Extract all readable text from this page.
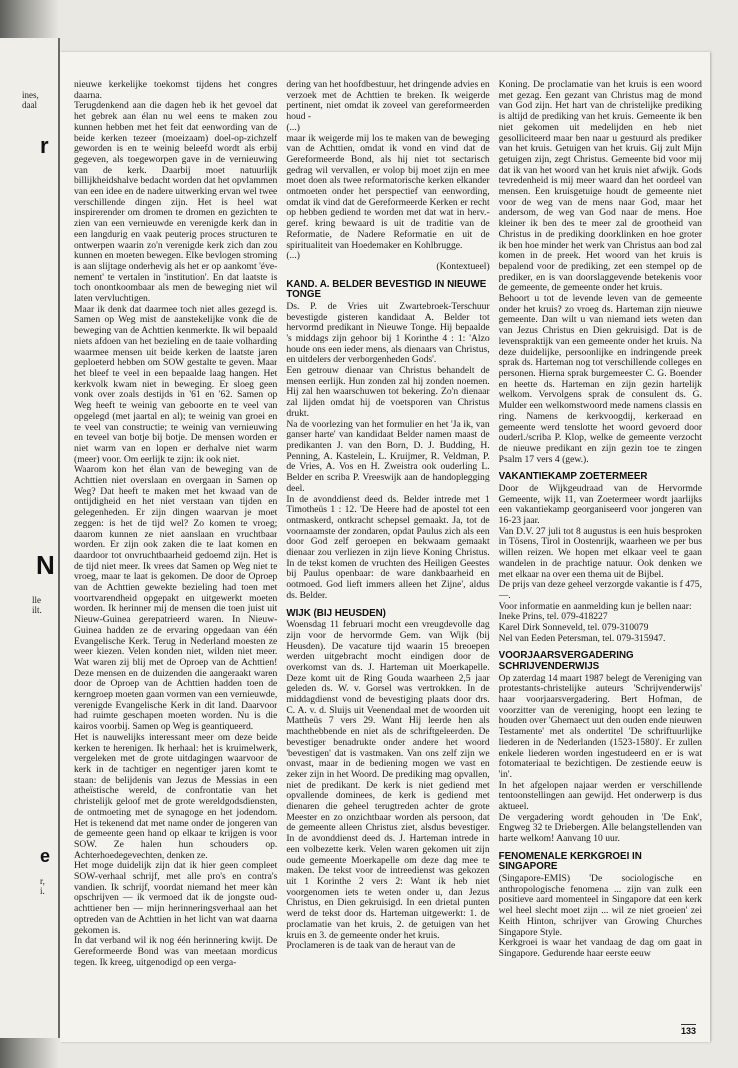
ines,
daal
r
N
lle
ilt.
e
r,
i.

nieuwe kerkelijke toekomst tijdens het congres daarna.

Terugdenkend aan die dagen heb ik het gevoel dat het gebrek aan élan nu wel eens te maken zou kunnen hebben met het feit dat eenwording van de beide kerken tezeer (moeizaam) doel-op-zichzelf geworden is en te weinig beleefd wordt als erbij gegeven, als toegeworpen gave in de vernieuwing van de kerk. Daarbij moet natuurlijk billijkheidshalve bedacht worden dat het opvlammen van een idee en de nadere uitwerking ervan wel twee verschillende dingen zijn. Het is heel wat inspirerender om dromen te dromen en gezichten te zien van een vernieuwde en verenigde kerk dan in een langdurig en vaak peuterig proces structuren te ontwerpen waarin zo'n verenigde kerk zich dan zou kunnen en moeten bewegen. Elke bevlogen stroming is aan slijtage onderhevig als het er op aankomt 'éve-nement' te vertalen in 'institution'. En dat laatste is toch onontkoombaar als men de beweging niet wil laten vervluchtigen.

Maar ik denk dat daarmee toch niet alles gezegd is. Samen op Weg mist de aanstekelijke vonk die de beweging van de Achttien kenmerkte. Ik wil bepaald niets afdoen van het bezieling en de taaie volharding waarmee mensen uit beide kerken de laatste jaren geploeterd hebben om SOW gestalte te geven. Maar het bleef te veel in een bepaalde laag hangen. Het kerkvolk kwam niet in beweging. Er sloeg geen vonk over zoals destijds in '61 en '62. Samen op Weg heeft te weinig van geboorte en te veel van opgelegd (met jaartal en al); te weinig van groei en te veel van constructie; te weinig van vernieuwing en teveel van botje bij botje. De mensen worden er niet warm van en lopen er derhalve niet warm (meer) voor. Om eerlijk te zijn: ik ook niet.

Waarom kon het élan van de beweging van de Achttien niet overslaan en overgaan in Samen op Weg? Dat heeft te maken met het kwaad van de ontijdigheid en het niet verstaan van tijden en gelegenheden. Er zijn dingen waarvan je moet zeggen: is het de tijd wel? Zo komen te vroeg; daarom kunnen ze niet aanslaan en vruchtbaar worden. Er zijn ook zaken die te laat komen en daardoor tot onvruchtbaarheid gedoemd zijn. Het is de tijd niet meer. Ik vrees dat Samen op Weg niet te vroeg, maar te laat is gekomen. De door de Oproep van de Achttien gewekte bezieling had toen met voortvarendheid opgepakt en uitgewerkt moeten worden. Ik herinner mij de mensen die toen juist uit Nieuw-Guinea gerepatrieerd waren. In Nieuw-Guinea hadden ze de ervaring opgedaan van één Evangelische Kerk. Terug in Nederland moesten ze weer kiezen. Velen konden niet, wilden niet meer. Wat waren zij blij met de Oproep van de Achttien! Deze mensen en de duizenden die aangeraakt waren door de Oproep van de Achttien hadden toen de kerngroep moeten gaan vormen van een vernieuwde, verenigde Evangelische Kerk in dit land. Daarvoor had ruimte geschapen moeten worden. Nu is die kairos voorbij. Samen op Weg is geantiqueerd.

Het is nauwelijks interessant meer om deze beide kerken te herenigen. Ik herhaal: het is kruimelwerk, vergeleken met de grote uitdagingen waarvoor de kerk in de tachtiger en negentiger jaren komt te staan: de belijdenis van Jezus de Messias in een atheïstische wereld, de confrontatie van het christelijk geloof met de grote wereldgodsdiensten, de ontmoeting met de synagoge en het jodendom. Het is tekenend dat met name onder de jongeren van de gemeente geen hand op elkaar te krijgen is voor SOW. Ze halen hun schouders op. Achterhoedegevechten, denken ze.

Het moge duidelijk zijn dat ik hier geen compleet SOW-verhaal schrijf, met alle pro's en contra's vandien. Ik schrijf, voordat niemand het meer kàn opschrijven — ik vermoed dat ik de jongste oud-achttiener ben — mijn herinneringsverhaal aan het optreden van de Achttien in het licht van wat daarna gekomen is.

In dat verband wil ik nog één herinnering kwijt. De Gereformeerde Bond was van meetaan mordicus tegen. Ik kreeg, uitgenodigd op een verga-

dering van het hoofdbestuur, het dringende advies en verzoek met de Achttien te breken. Ik weigerde pertinent, niet omdat ik zoveel van gereformeerden houd -

(...)

maar ik weigerde mij los te maken van de beweging van de Achttien, omdat ik vond en vind dat de Gereformeerde Bond, als hij niet tot sectarisch gedrag wil vervallen, er volop bij moet zijn en mee moet doen als twee reformatorische kerken elkander ontmoeten onder het perspectief van eenwording, omdat ik vind dat de Gereformeerde Kerken er recht op hebben gediend te worden met dat wat in herv.-geref. kring bewaard is uit de traditie van de Reformatie, de Nadere Reformatie en uit de spiritualiteit van Hoedemaker en Kohlbrugge.

(...)

(Kontextueel)

KAND. A. BELDER BEVESTIGD IN NIEUWE TONGE

Ds. P. de Vries uit Zwartebroek-Terschuur bevestigde gisteren kandidaat A. Belder tot hervormd predikant in Nieuwe Tonge. Hij bepaalde 's middags zijn gehoor bij 1 Korinthe 4 : 1: 'Alzo houde ons een ieder mens, als dienaars van Christus, en uitdelers der verborgenheden Gods'.

Een getrouw dienaar van Christus behandelt de mensen eerlijk. Hun zonden zal hij zonden noemen. Hij zal hen waarschuwen tot bekering. Zo'n dienaar zal lijden omdat hij de voetsporen van Christus drukt.

Na de voorlezing van het formulier en het 'Ja ik, van ganser harte' van kandidaat Belder namen maast de predikanten J. van den Born, D. J. Budding, H. Penning, A. Kastelein, L. Kruijmer, R. Veldman, P. de Vries, A. Vos en H. Zweistra ook ouderling L. Belder en scriba P. Vreeswijk aan de handoplegging deel.

In de avonddienst deed ds. Belder intrede met 1 Timotheüs 1 : 12. 'De Heere had de apostel tot een ontmaskerd, ontkracht schepsel gemaakt. Ja, tot de voornaamste der zondaren, opdat Paulus zich als een door God zelf geroepen en bekwaam gemaakt dienaar zou verliezen in zijn lieve Koning Christus. In de tekst komen de vruchten des Heiligen Geestes bij Paulus openbaar: de ware dankbaarheid en ootmoed. God lieft immers alleen het Zijne', aldus ds. Belder.

WIJK (BIJ HEUSDEN)

Woensdag 11 februari mocht een vreugdevolle dag zijn voor de hervormde Gem. van Wijk (bij Heusden). De vacature tijd waarin 15 breoepen werden uitgebracht mocht eindigen door de overkomst van ds. J. Harteman uit Moerkapelle. Deze komt uit de Ring Gouda waarheen 2,5 jaar geleden ds. W. v. Gorsel was vertrokken. In de middagdienst vond de bevestiging plaats door drs. C. A. v. d. Sluijs uit Veenendaal met de woorden uit Mattheüs 7 vers 29. Want Hij leerde hen als machthebbende en niet als de schriftgeleerden. De bevestiger benadrukte onder andere het woord 'bevestigen' dat is vastmaken. Van ons zelf zijn we onvast, maar in de bediening mogen we vast en zeker zijn in het Woord. De prediking mag opvallen, niet de predikant. De kerk is niet gediend met opvallende dominees, de kerk is gediend met dienaren die geheel terugtreden achter de grote Meester en zo onzichtbaar worden als persoon, dat de gemeente alleen Christus ziet, alsdus bevestiger. In de avonddienst deed ds. J. Harteman intrede in een volbezette kerk. Velen waren gekomen uit zijn oude gemeente Moerkapelle om deze dag mee te maken. De tekst voor de intreedienst was gekozen uit 1 Korinthe 2 vers 2: Want ik heb niet voorgenomen iets te weten onder u, dan Jezus Christus, en Dien gekruisigd. In een drietal punten werd de tekst door ds. Harteman uitgewerkt: 1. de proclamatie van het kruis, 2. de getuigen van het kruis en 3. de gemeente onder het kruis.

Proclameren is de taak van de heraut van de

Koning. De proclamatie van het kruis is een woord met gezag. Een gezant van Christus mag de mond van God zijn. Het hart van de christelijke prediking is altijd de prediking van het kruis. Gemeente ik ben niet gekomen uit medelijden en heb niet gesolliciteerd maar ben naar u gestuurd als prediker van het kruis. Getuigen van het kruis. Gij zult Mijn getuigen zijn, zegt Christus. Gemeente bid voor mij dat ik van het woord van het kruis niet afwijk. Gods tevredenheid is mij meer waard dan het oordeel van mensen. Een kruisgetuige houdt de gemeente niet voor de weg van de mens naar God, maar het andersom, de weg van God naar de mens. Hoe kleiner ik ben des te meer zal de grootheid van Christus in de prediking doorklinken en hoe groter ik ben hoe minder het werk van Christus aan bod zal komen in de preek. Het woord van het kruis is bepalend voor de prediking, zet een stempel op de prediker, en is van doorslaggevende betekenis voor de gemeente, de gemeente onder het kruis.

Behoort u tot de levende leven van de gemeente onder het kruis? zo vroeg ds. Harteman zijn nieuwe gemeente. Dan wilt u van niemand iets weten dan van Jezus Christus en Dien gekruisigd. Dat is de levenspraktijk van een gemeente onder het kruis. Na deze duidelijke, persoonlijke en indringende preek sprak ds. Harteman nog tot verschillende colleges en personen. Hierna sprak burgemeester C. G. Boender en heette ds. Harteman en zijn gezin hartelijk welkom. Vervolgens sprak de consulent ds. G. Mulder een welkomstwoord mede namens classis en ring. Namens de kerkvoogdij, kerkeraad en gemeente werd tenslotte het woord gevoerd door ouderl./scriba P. Klop, welke de gemeente verzocht de nieuwe predikant en zijn gezin toe te zingen Psalm 17 vers 4 (gew.).

VAKANTIEKAMP ZOETERMEER

Door de Wijkgeudraad van de Hervormde Gemeente, wijk 11, van Zoetermeer wordt jaarlijks een vakantiekamp georganiseerd voor jongeren van 16-23 jaar.

Van D.V. 27 juli tot 8 augustus is een huis besproken in Tösens, Tirol in Oostenrijk, waarheen we per bus willen reizen. We hopen met elkaar veel te gaan wandelen in de prachtige natuur. Ook denken we met elkaar na over een thema uit de Bijbel.

De prijs van deze geheel verzorgde vakantie is f 475,—.

Voor informatie en aanmelding kun je bellen naar:

Ineke Prins, tel. 079-418227

Karel Dirk Sonneveld, tel. 079-310079

Nel van Eeden Petersman, tel. 079-315947.

VOORJAARSVERGADERING SCHRIJVENDERWIJS

Op zaterdag 14 maart 1987 belegt de Vereniging van protestants-christelijke auteurs 'Schrijvenderwijs' haar voorjaarsvergadering. Bert Hofman, de voorzitter van de vereniging, hoopt een lezing te houden over 'Ghemaect uut den ouden ende nieuwen Testamente' met als ondertitel 'De schriftuurlijke liederen in de Nederlanden (1523-1580)'. Er zullen enkele liederen worden ingestudeerd en er is wat fotomateriaal te bezichtigen. De zestiende eeuw is 'in'.

In het afgelopen najaar werden er verschillende tentoonstellingen aan gewijd. Het onderwerp is dus aktueel.

De vergadering wordt gehouden in 'De Enk', Engweg 32 te Driebergen. Alle belangstellenden van harte welkom! Aanvang 10 uur.

FENOMENALE KERKGROEI IN SINGAPORE

(Singapore-EMIS) 'De sociologische en anthropologische fenomena ... zijn van zulk een positieve aard momenteel in Singapore dat een kerk wel heel slecht moet zijn ... wil ze niet groeien' zei Keith Hinton, schrijver van Growing Churches Singapore Style.

Kerkgroei is waar het vandaag de dag om gaat in Singapore. Gedurende haar eerste eeuw

133
